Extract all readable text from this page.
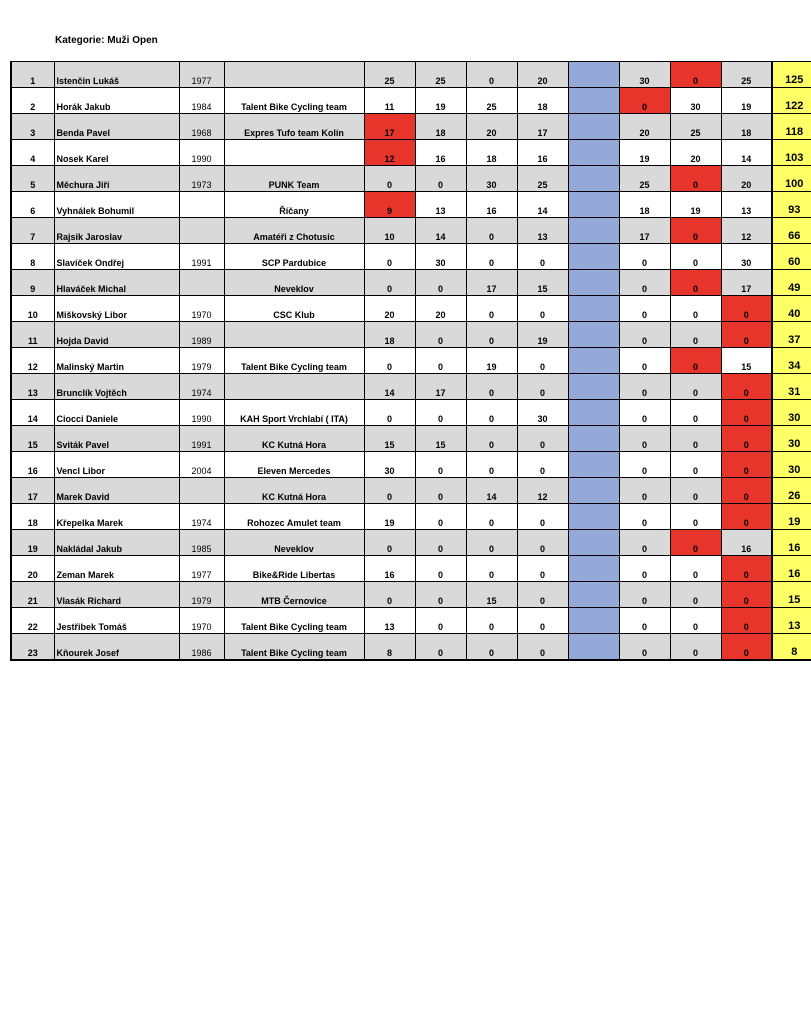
Kategorie: Muži Open
1	Istenčin Lukáš	1977		25	25	0	20		30	0	25	125
2	Horák Jakub	1984	Talent Bike Cycling team	11	19	25	18		0	30	19	122
3	Benda Pavel	1968	Expres Tufo team Kolín	17	18	20	17		20	25	18	118
4	Nosek Karel	1990		12	16	18	16		19	20	14	103
5	Měchura Jiří	1973	PUNK Team	0	0	30	25		25	0	20	100
6	Vyhnálek Bohumil		Říčany	9	13	16	14		18	19	13	93
7	Rajsik Jaroslav		Amatéři z Chotusic	10	14	0	13		17	0	12	66
8	Slavíček Ondřej	1991	SCP Pardubice	0	30	0	0		0	0	30	60
9	Hlaváček Michal		Neveklov	0	0	17	15		0	0	17	49
10	Miškovský Libor	1970	CSC Klub	20	20	0	0		0	0	0	40
11	Hojda David	1989		18	0	0	19		0	0	0	37
12	Malinský Martin	1979	Talent Bike Cycling team	0	0	19	0		0	0	15	34
13	Brunclík Vojtěch	1974		14	17	0	0		0	0	0	31
14	Ciocci Daniele	1990	KAH Sport Vrchlabí ( ITA)	0	0	0	30		0	0	0	30
15	Sviták Pavel	1991	KC Kutná Hora	15	15	0	0		0	0	0	30
16	Vencl Libor	2004	Eleven Mercedes	30	0	0	0		0	0	0	30
17	Marek David		KC Kutná Hora	0	0	14	12		0	0	0	26
18	Křepelka Marek	1974	Rohozec Amulet team	19	0	0	0		0	0	0	19
19	Nakládal Jakub	1985	Neveklov	0	0	0	0		0	0	16	16
20	Zeman Marek	1977	Bike&Ride Libertas	16	0	0	0		0	0	0	16
21	Vlasák Richard	1979	MTB Černovice	0	0	15	0		0	0	0	15
22	Jestřibek Tomáš	1970	Talent Bike Cycling team	13	0	0	0		0	0	0	13
23	Kňourek Josef	1986	Talent Bike Cycling team	8	0	0	0		0	0	0	8
